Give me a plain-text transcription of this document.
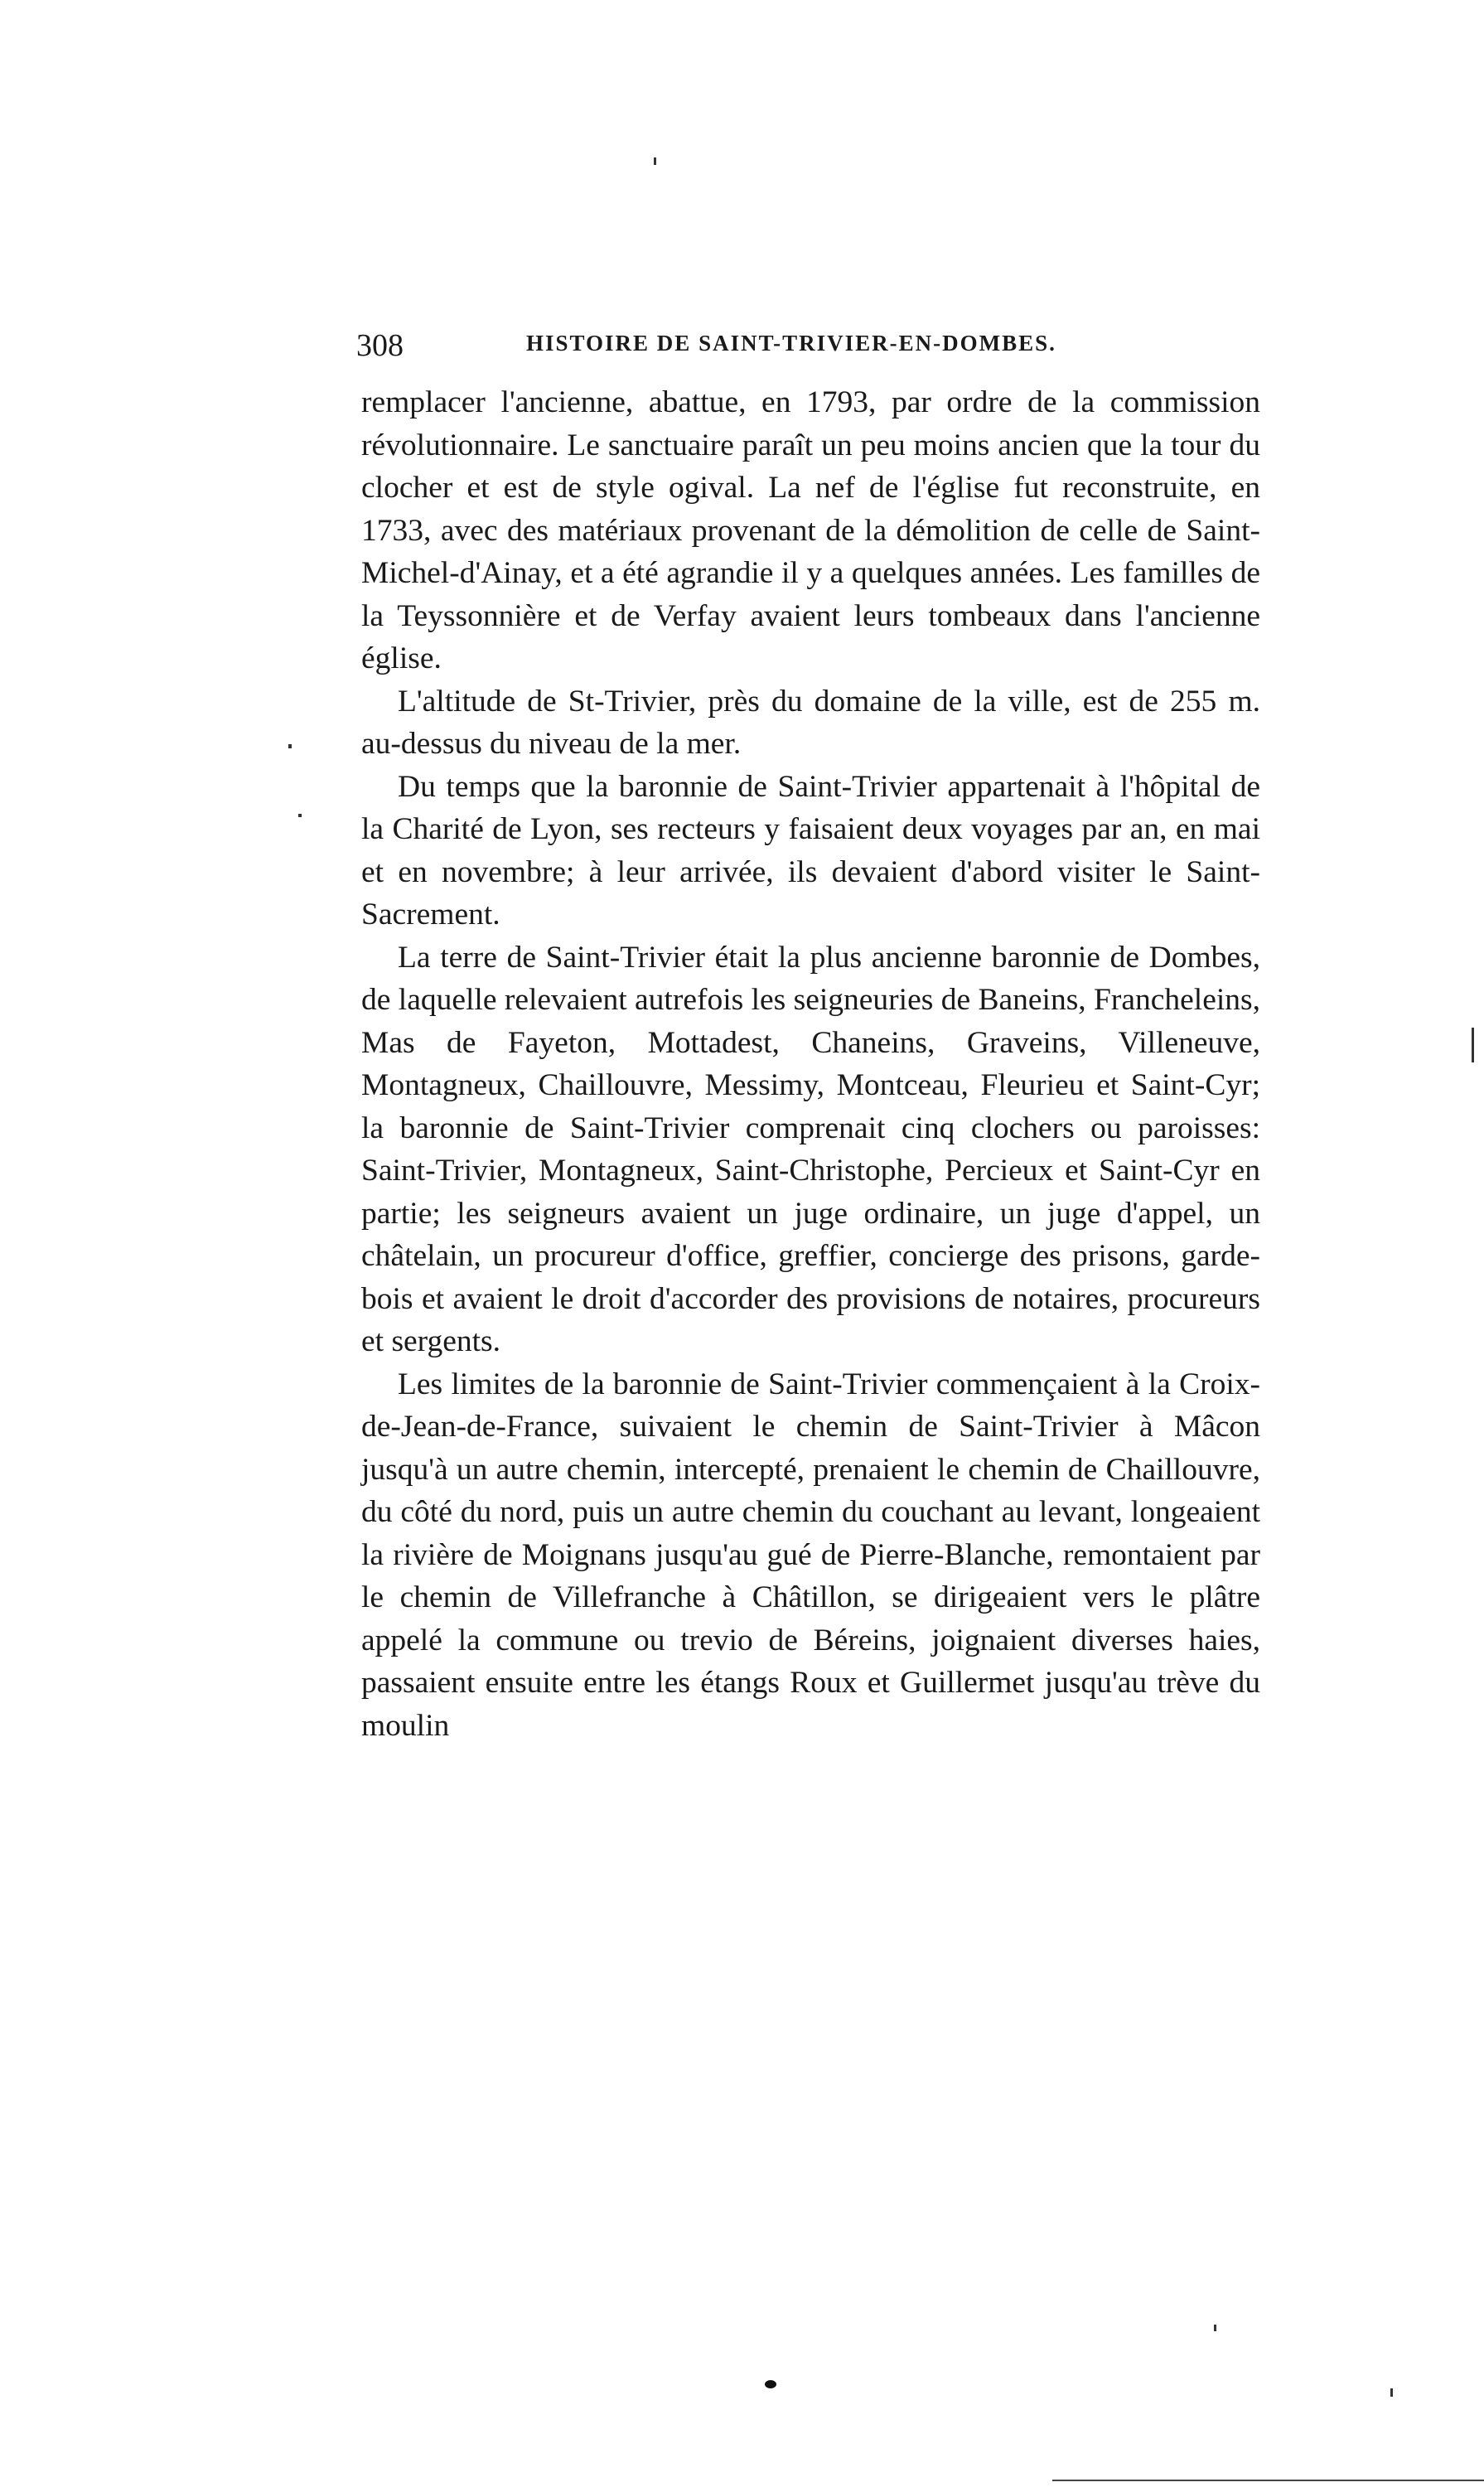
308	HISTOIRE DE SAINT-TRIVIER-EN-DOMBES.

remplacer l'ancienne, abattue, en 1793, par ordre de la commission révolutionnaire. Le sanctuaire paraît un peu moins ancien que la tour du clocher et est de style ogival. La nef de l'église fut reconstruite, en 1733, avec des matériaux provenant de la démolition de celle de Saint-Michel-d'Ainay, et a été agrandie il y a quelques années. Les familles de la Teyssonnière et de Verfay avaient leurs tombeaux dans l'ancienne église.

L'altitude de St-Trivier, près du domaine de la ville, est de 255 m. au-dessus du niveau de la mer.

Du temps que la baronnie de Saint-Trivier appartenait à l'hôpital de la Charité de Lyon, ses recteurs y faisaient deux voyages par an, en mai et en novembre; à leur arrivée, ils devaient d'abord visiter le Saint-Sacrement.

La terre de Saint-Trivier était la plus ancienne baronnie de Dombes, de laquelle relevaient autrefois les seigneuries de Baneins, Francheleins, Mas de Fayeton, Mottadest, Chaneins, Graveins, Villeneuve, Montagneux, Chaillouvre, Messimy, Montceau, Fleurieu et Saint-Cyr; la baronnie de Saint-Trivier comprenait cinq clochers ou paroisses: Saint-Trivier, Montagneux, Saint-Christophe, Percieux et Saint-Cyr en partie; les seigneurs avaient un juge ordinaire, un juge d'appel, un châtelain, un procureur d'office, greffier, concierge des prisons, garde-bois et avaient le droit d'accorder des provisions de notaires, procureurs et sergents.

Les limites de la baronnie de Saint-Trivier commençaient à la Croix-de-Jean-de-France, suivaient le chemin de Saint-Trivier à Mâcon jusqu'à un autre chemin, intercepté, prenaient le chemin de Chaillouvre, du côté du nord, puis un autre chemin du couchant au levant, longeaient la rivière de Moignans jusqu'au gué de Pierre-Blanche, remontaient par le chemin de Villefranche à Châtillon, se dirigeaient vers le plâtre appelé la commune ou trevio de Béreins, joignaient diverses haies, passaient ensuite entre les étangs Roux et Guillermet jusqu'au trève du moulin
